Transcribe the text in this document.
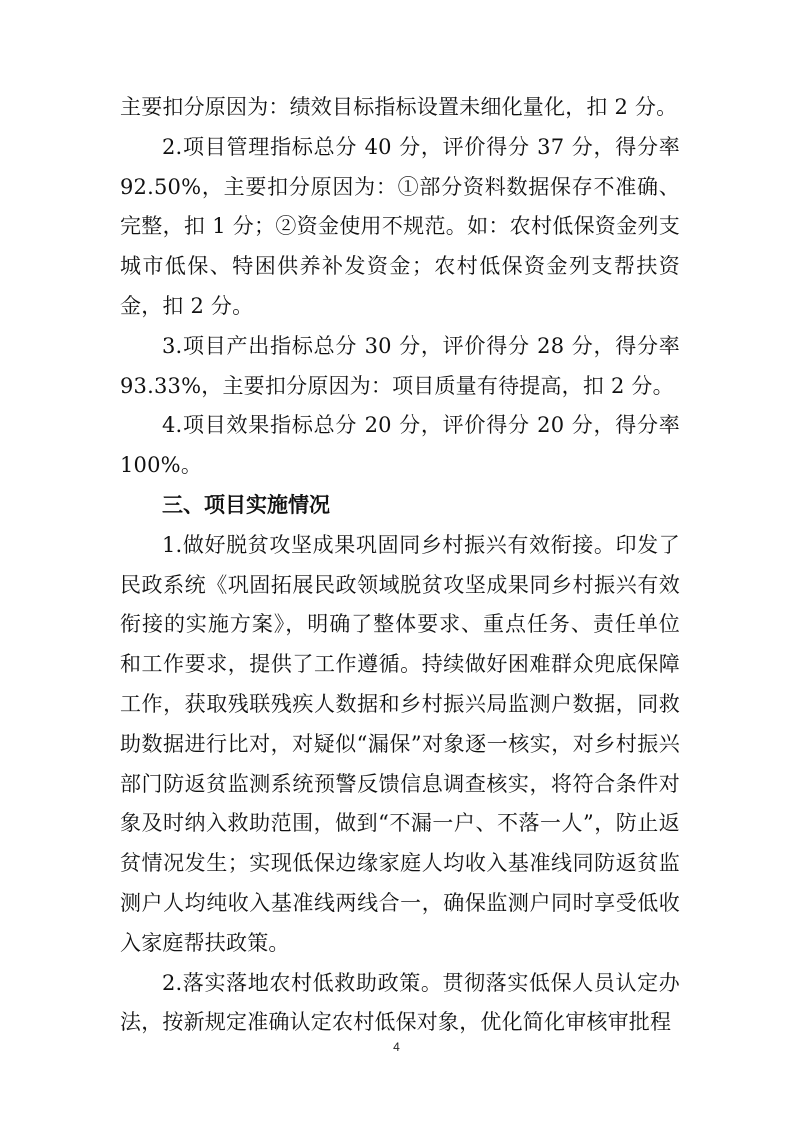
主要扣分原因为：绩效目标指标设置未细化量化，扣 2 分。

2.项目管理指标总分 40 分，评价得分 37 分，得分率 92.50%，主要扣分原因为：①部分资料数据保存不准确、完整，扣 1 分；②资金使用不规范。如：农村低保资金列支城市低保、特困供养补发资金；农村低保资金列支帮扶资金，扣 2 分。

3.项目产出指标总分 30 分，评价得分 28 分，得分率 93.33%，主要扣分原因为：项目质量有待提高，扣 2 分。

4.项目效果指标总分 20 分，评价得分 20 分，得分率 100%。

三、项目实施情况

1.做好脱贫攻坚成果巩固同乡村振兴有效衔接。印发了民政系统《巩固拓展民政领域脱贫攻坚成果同乡村振兴有效衔接的实施方案》，明确了整体要求、重点任务、责任单位和工作要求，提供了工作遵循。持续做好困难群众兜底保障工作，获取残联残疾人数据和乡村振兴局监测户数据，同救助数据进行比对，对疑似“漏保”对象逐一核实，对乡村振兴部门防返贫监测系统预警反馈信息调查核实，将符合条件对象及时纳入救助范围，做到“不漏一户、不落一人”，防止返贫情况发生；实现低保边缘家庭人均收入基准线同防返贫监测户人均纯收入基准线两线合一，确保监测户同时享受低收入家庭帮扶政策。

2.落实落地农村低救助政策。贯彻落实低保人员认定办法，按新规定准确认定农村低保对象，优化简化审核审批程

4
